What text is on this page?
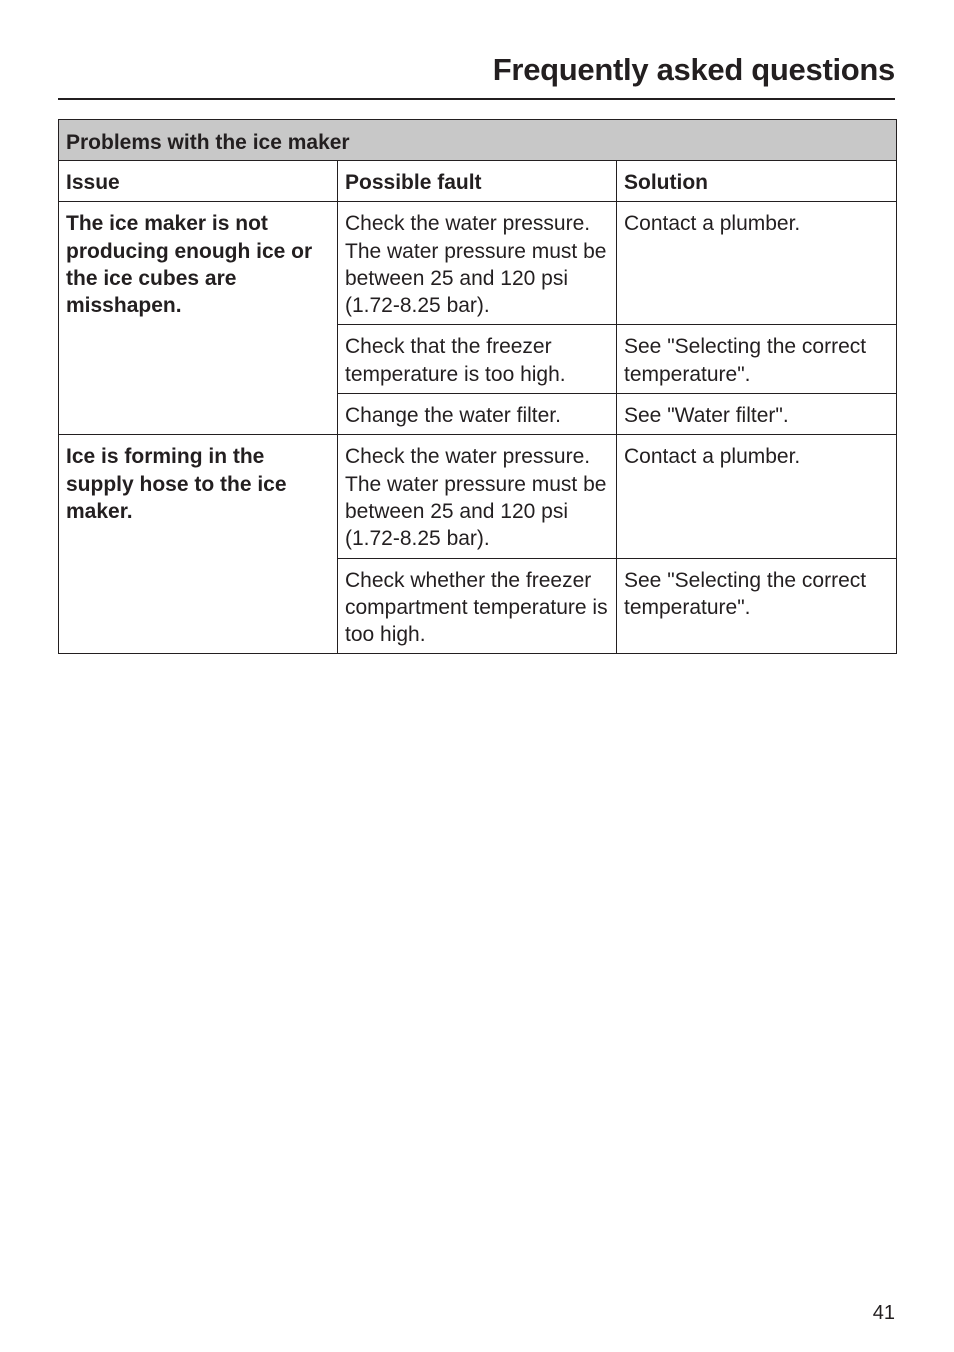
Frequently asked questions
Problems with the ice maker		
Issue	Possible fault	Solution
The ice maker is not producing enough ice or the ice cubes are misshapen.	Check the water pressure. The water pressure must be between 25 and 120 psi (1.72-8.25 bar).	Contact a plumber.
	Check that the freezer temperature is too high.	See "Selecting the correct temperature".
	Change the water filter.	See "Water filter".
Ice is forming in the supply hose to the ice maker.	Check the water pressure. The water pressure must be between 25 and 120 psi (1.72-8.25 bar).	Contact a plumber.
	Check whether the freezer compartment temperature is too high.	See "Selecting the correct temperature".
41
